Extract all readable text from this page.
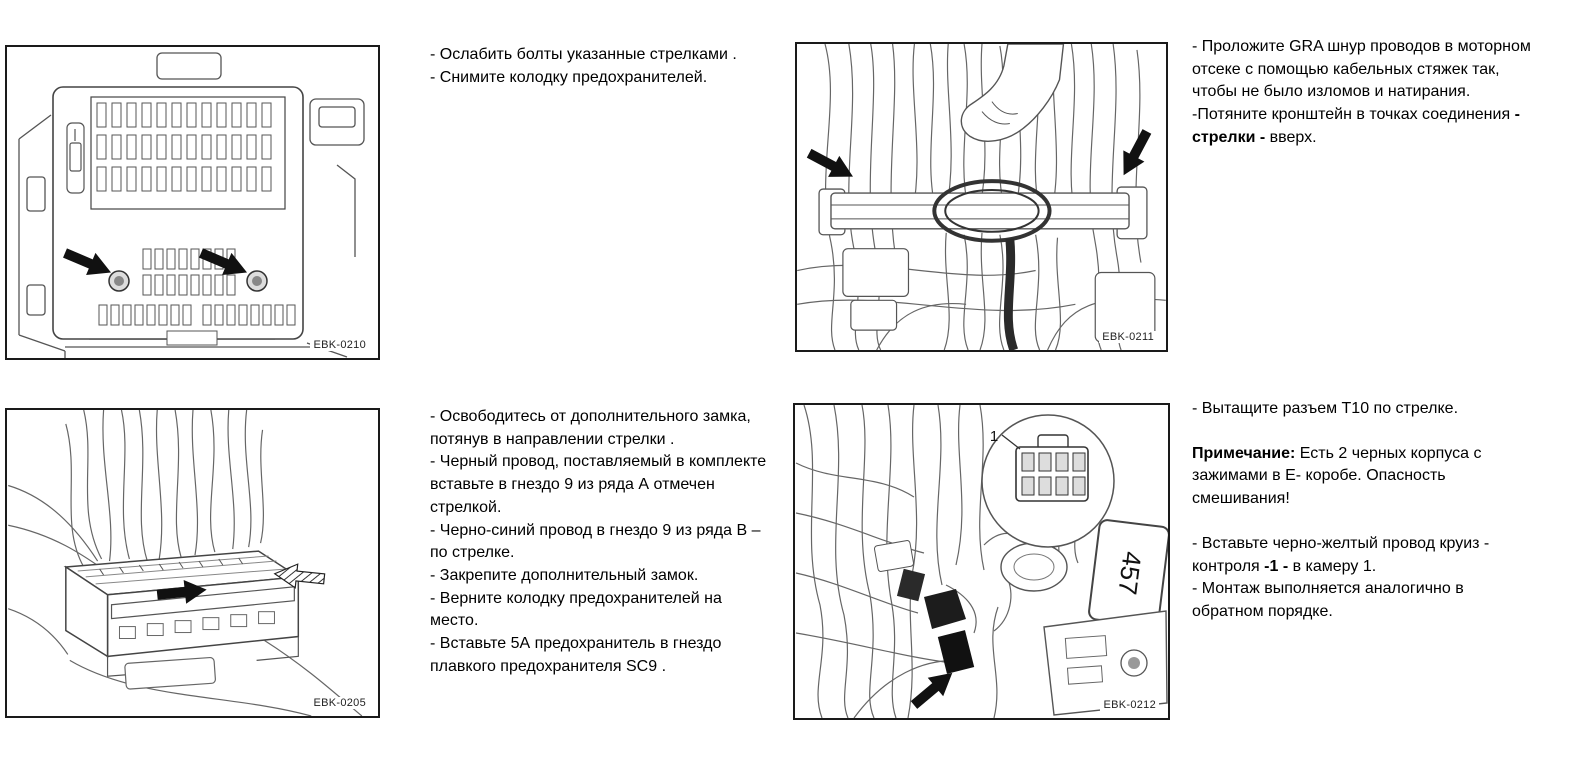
EBK-0210

- Ослабить болты указанные стрелками .

- Снимите колодку предохранителей.

EBK-0211

- Проложите GRA шнур проводов в моторном отсеке с помощью кабельных стяжек так, чтобы не было изломов и натирания.

-Потяните кронштейн в точках соединения - стрелки - вверх.

EBK-0205

- Освободитесь от дополнительного замка, потянув в направлении стрелки .

- Черный провод, поставляемый в комплекте вставьте в гнездо 9 из ряда А отмечен стрелкой.

- Черно-синий провод в гнездо 9 из ряда В – по стрелке.

- Закрепите дополнительный замок.

- Верните колодку предохранителей на место.

- Вставьте 5А предохранитель в гнездо плавкого предохранителя SC9 .

1
457
EBK-0212

- Вытащите разъем Т10 по стрелке.

Примечание: Есть 2 черных корпуса с зажимами в Е- коробе. Опасность смешивания!

- Вставьте черно-желтый провод круиз - контроля -1 - в камеру 1.

- Монтаж выполняется аналогично в обратном порядке.
